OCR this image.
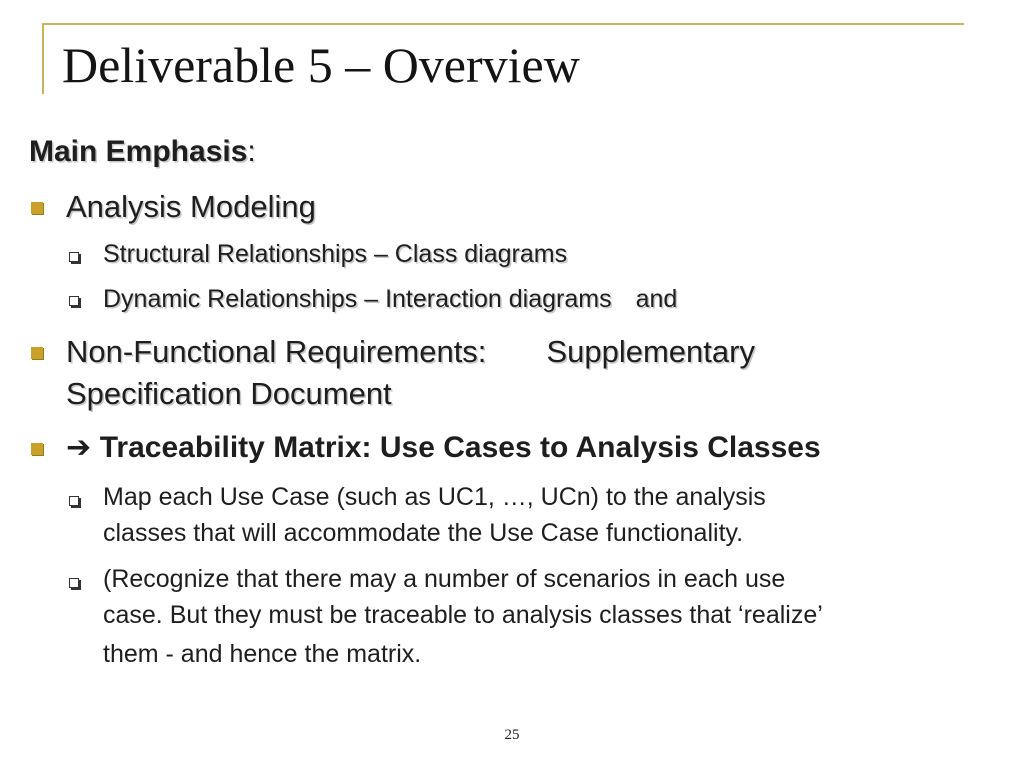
Deliverable 5 – Overview
Main Emphasis:
Analysis Modeling
Structural Relationships – Class diagrams
Dynamic Relationships – Interaction diagrams and
Non-Functional Requirements: Supplementary
Specification Document
➔ Traceability Matrix: Use Cases to Analysis Classes
Map each Use Case (such as UC1, …, UCn) to the analysis
classes that will accommodate the Use Case functionality.
(Recognize that there may a number of scenarios in each use
case. But they must be traceable to analysis classes that ‘realize’
them - and hence the matrix.
25
